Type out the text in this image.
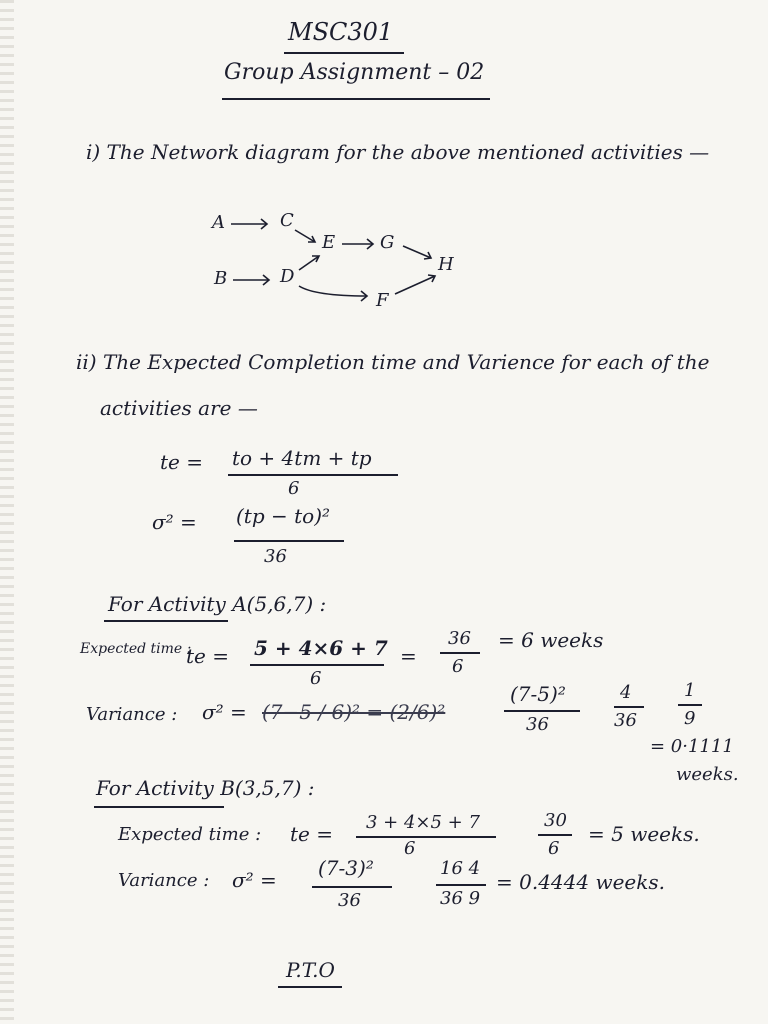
MSC301
Group Assignment – 02
i) The Network diagram for the above mentioned activities —
A	C
E G
H
B	D
F
ii) The Expected Completion time and Varience for each of the
activities are —
te = to + 4tm + tp
6
σ² = (tp − to)²
36
For Activity A(5,6,7) :
Expected time :
te = 5 + 4×6 + 7
6
=
36
6
= 6 weeks
Variance : σ² = (7−5 / 6)² = (2/6)²
(7-5)²
36
4
36
1
9
= 0·1111
weeks.
For Activity B(3,5,7) :
Expected time : te = 3 + 4×5 + 7
6
30
6
= 5 weeks.
Variance : σ² = (7-3)²
36
16 4
36 9
= 0.4444 weeks.
P.T.O
